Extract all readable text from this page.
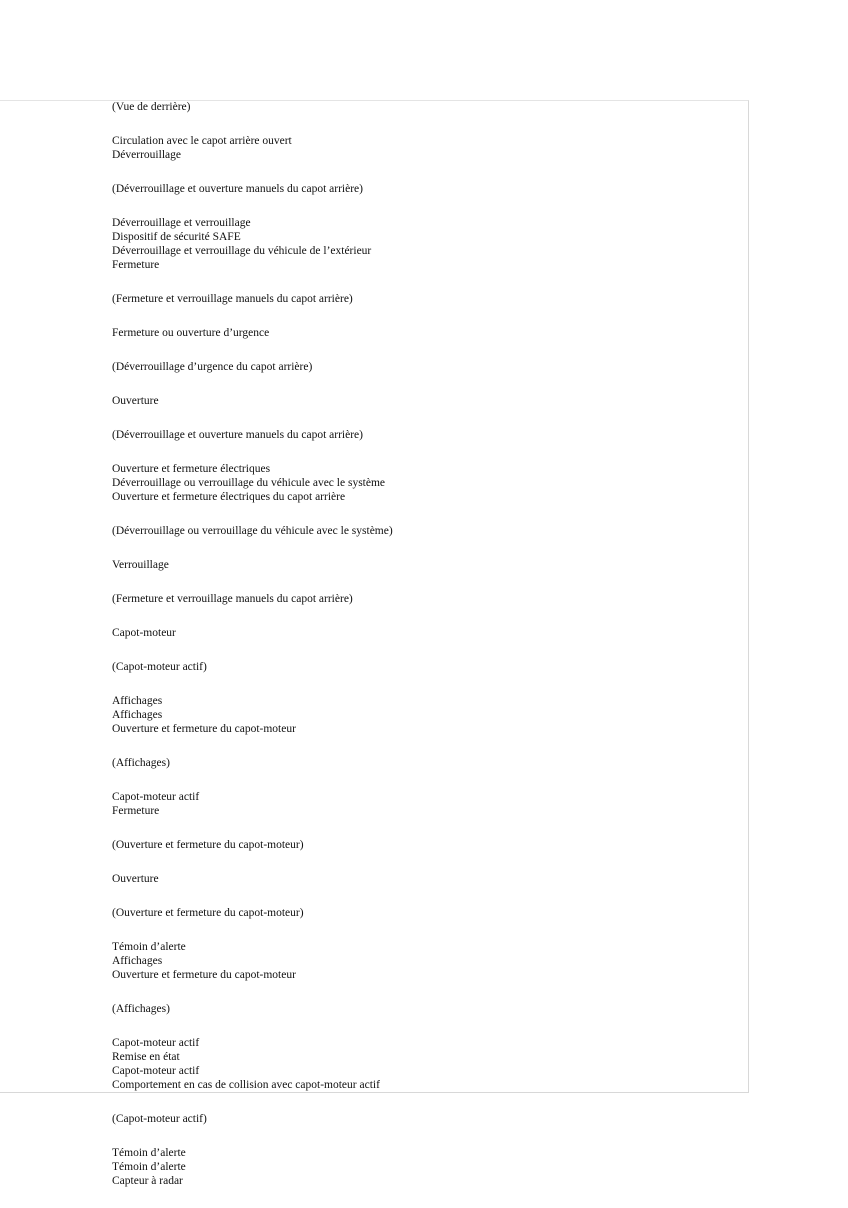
(Vue de derrière)
Circulation avec le capot arrière ouvert
Déverrouillage
(Déverrouillage et ouverture manuels du capot arrière)
Déverrouillage et verrouillage
Dispositif de sécurité SAFE
Déverrouillage et verrouillage du véhicule de l’extérieur
Fermeture
(Fermeture et verrouillage manuels du capot arrière)
Fermeture ou ouverture d’urgence
(Déverrouillage d’urgence du capot arrière)
Ouverture
(Déverrouillage et ouverture manuels du capot arrière)
Ouverture et fermeture électriques
Déverrouillage ou verrouillage du véhicule avec le système
Ouverture et fermeture électriques du capot arrière
(Déverrouillage ou verrouillage du véhicule avec le système)
Verrouillage
(Fermeture et verrouillage manuels du capot arrière)
Capot-moteur
(Capot-moteur actif)
Affichages
Affichages
Ouverture et fermeture du capot-moteur
(Affichages)
Capot-moteur actif
Fermeture
(Ouverture et fermeture du capot-moteur)
Ouverture
(Ouverture et fermeture du capot-moteur)
Témoin d’alerte
Affichages
Ouverture et fermeture du capot-moteur
(Affichages)
Capot-moteur actif
Remise en état
Capot-moteur actif
Comportement en cas de collision avec capot-moteur actif
(Capot-moteur actif)
Témoin d’alerte
Témoin d’alerte
Capteur à radar
